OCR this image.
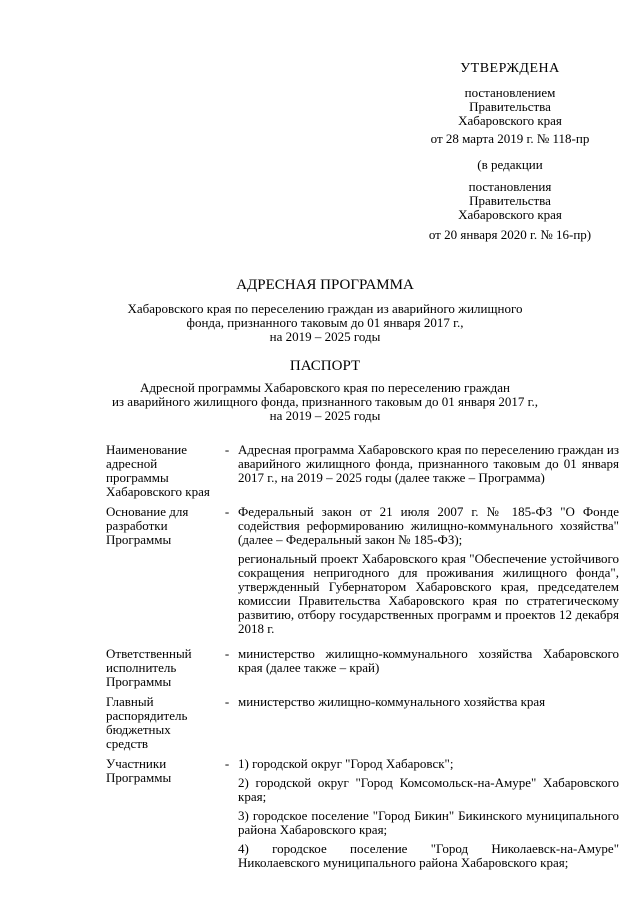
УТВЕРЖДЕНА
постановлением
Правительства
Хабаровского края
от 28 марта 2019 г. № 118-пр
(в редакции
постановления
Правительства
Хабаровского края
от 20 января 2020 г. № 16-пр)
АДРЕСНАЯ ПРОГРАММА
Хабаровского края по переселению граждан из аварийного жилищного
фонда, признанного таковым до 01 января 2017 г.,
на 2019 – 2025 годы
ПАСПОРТ
Адресной программы Хабаровского края по переселению граждан
из аварийного жилищного фонда, признанного таковым до 01 января 2017 г.,
на 2019 – 2025 годы
Наименование адресной программы Хабаровского края
- Адресная программа Хабаровского края по переселению граждан из аварийного жилищного фонда, признанного таковым до 01 января 2017 г., на 2019 – 2025 годы (далее также – Программа)

Основание для разработки Программы
- Федеральный закон от 21 июля 2007 г. № 185-ФЗ "О Фонде содействия реформированию жилищно-коммунального хозяйства" (далее – Федеральный закон № 185-ФЗ);

региональный проект Хабаровского края "Обеспечение устойчивого сокращения непригодного для проживания жилищного фонда", утвержденный Губернатором Хабаровского края, председателем комиссии Правительства Хабаровского края по стратегическому развитию, отбору государственных программ и проектов 12 декабря 2018 г.

Ответственный исполнитель Программы
- министерство жилищно-коммунального хозяйства Хабаровского края (далее также – край)

Главный распорядитель бюджетных средств
- министерство жилищно-коммунального хозяйства края

Участники Программы
- 1) городской округ "Город Хабаровск";

2) городской округ "Город Комсомольск-на-Амуре" Хабаровского края;

3) городское поселение "Город Бикин" Бикинского муниципального района Хабаровского края;

4) городское поселение "Город Николаевск-на-Амуре" Николаевского муниципального района Хабаровского края;
